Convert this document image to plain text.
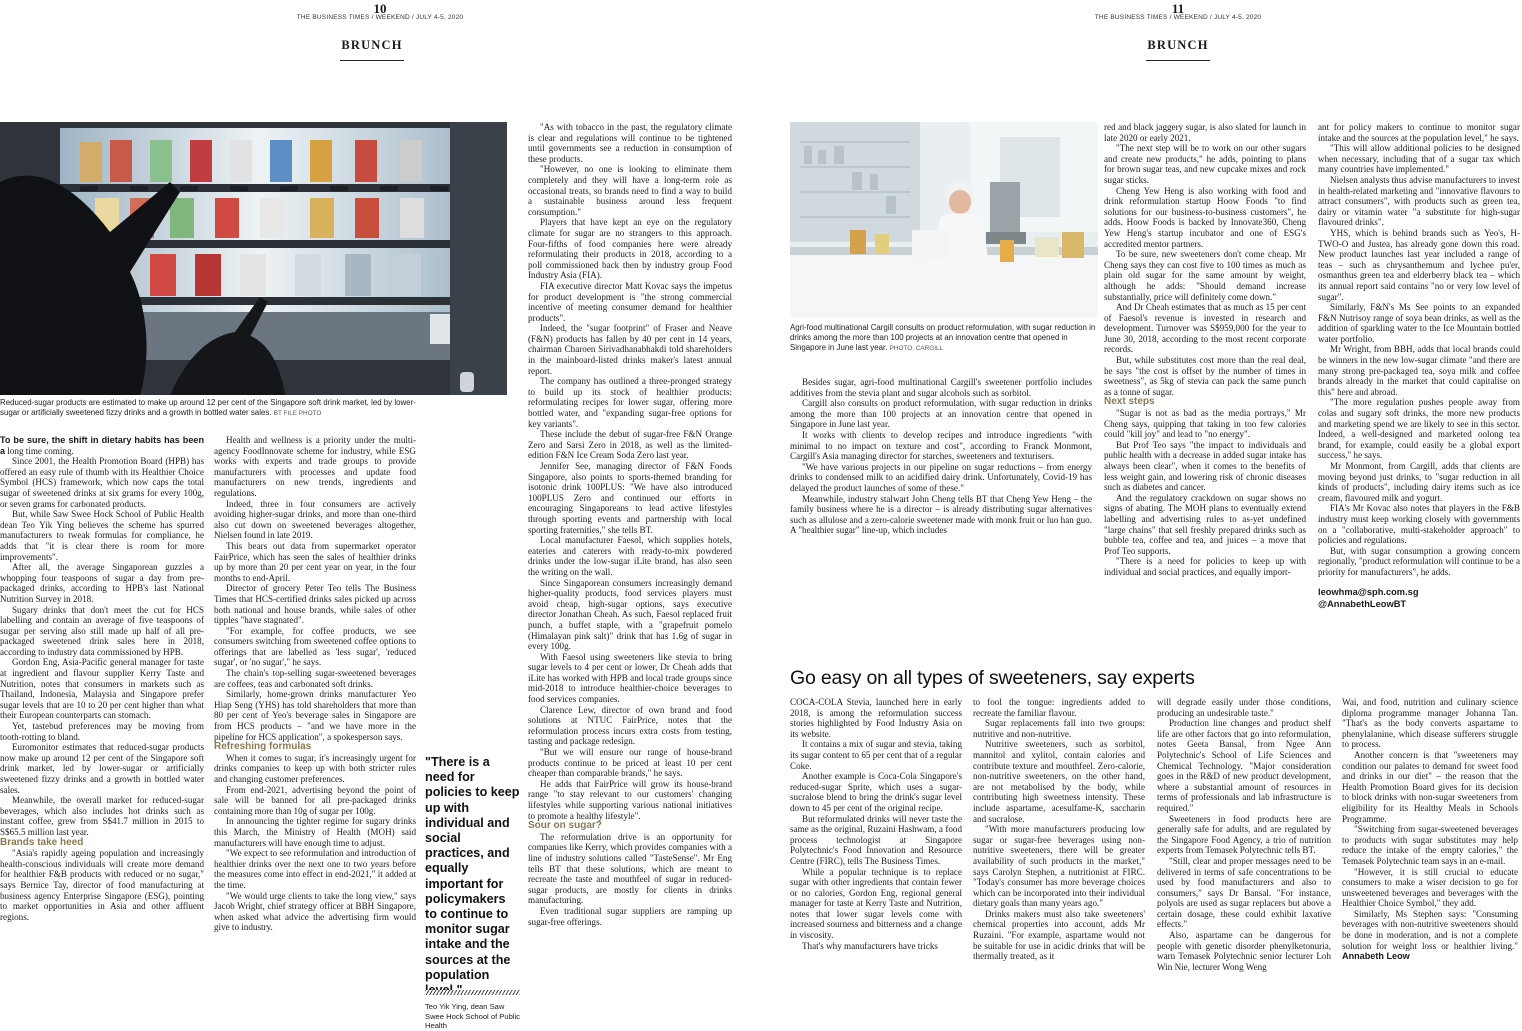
10
THE BUSINESS TIMES / WEEKEND / JULY 4-5, 2020
BRUNCH
Reduced-sugar products are estimated to make up around 12 per cent of the Singapore soft drink market, led by lower-sugar or artificially sweetened fizzy drinks and a growth in bottled water sales. BT FILE PHOTO

To be sure, the shift in dietary habits has been a long time coming.

Since 2001, the Health Promotion Board (HPB) has offered an easy rule of thumb with its Healthier Choice Symbol (HCS) framework, which now caps the total sugar of sweetened drinks at six grams for every 100g, or seven grams for carbonated products.

But, while Saw Swee Hock School of Public Health dean Teo Yik Ying believes the scheme has spurred manufacturers to tweak formulas for compliance, he adds that "it is clear there is room for more improvements".

After all, the average Singaporean guzzles a whopping four teaspoons of sugar a day from pre-packaged drinks, according to HPB's last National Nutrition Survey in 2018.

Sugary drinks that don't meet the cut for HCS labelling and contain an average of five teaspoons of sugar per serving also still made up half of all pre-packaged sweetened drink sales here in 2018, according to industry data commissioned by HPB.

Gordon Eng, Asia-Pacific general manager for taste at ingredient and flavour supplier Kerry Taste and Nutrition, notes that consumers in markets such as Thailand, Indonesia, Malaysia and Singapore prefer sugar levels that are 10 to 20 per cent higher than what their European counterparts can stomach.

Yet, tastebud preferences may be moving from tooth-rotting to bland.

Euromonitor estimates that reduced-sugar products now make up around 12 per cent of the Singapore soft drink market, led by lower-sugar or artificially sweetened fizzy drinks and a growth in bottled water sales.

Meanwhile, the overall market for reduced-sugar beverages, which also includes hot drinks such as instant coffee, grew from S$41.7 million in 2015 to S$65.5 million last year.

Brands take heed

"Asia's rapidly ageing population and increasingly health-conscious individuals will create more demand for healthier F&B products with reduced or no sugar," says Bernice Tay, director of food manufacturing at business agency Enterprise Singapore (ESG), pointing to market opportunities in Asia and other affluent regions.

Health and wellness is a priority under the multi-agency FoodInnovate scheme for industry, while ESG works with experts and trade groups to provide manufacturers with processes and update food manufacturers on new trends, ingredients and regulations.

Indeed, three in four consumers are actively avoiding higher-sugar drinks, and more than one-third also cut down on sweetened beverages altogether, Nielsen found in late 2019.

This bears out data from supermarket operator FairPrice, which has seen the sales of healthier drinks up by more than 20 per cent year on year, in the four months to end-April.

Director of grocery Peter Teo tells The Business Times that HCS-certified drinks sales picked up across both national and house brands, while sales of other tipples "have stagnated".

"For example, for coffee products, we see consumers switching from sweetened coffee options to offerings that are labelled as 'less sugar', 'reduced sugar', or 'no sugar'," he says.

The chain's top-selling sugar-sweetened beverages are coffees, teas and carbonated soft drinks.

Similarly, home-grown drinks manufacturer Yeo Hiap Seng (YHS) has told shareholders that more than 80 per cent of Yeo's beverage sales in Singapore are from HCS products – "and we have more in the pipeline for HCS application", a spokesperson says.

Refreshing formulas

When it comes to sugar, it's increasingly urgent for drinks companies to keep up with both stricter rules and changing customer preferences.

From end-2021, advertising beyond the point of sale will be banned for all pre-packaged drinks containing more than 10g of sugar per 100g.

In announcing the tighter regime for sugary drinks this March, the Ministry of Health (MOH) said manufacturers will have enough time to adjust.

"We expect to see reformulation and introduction of healthier drinks over the next one to two years before the measures come into effect in end-2021," it added at the time.

"We would urge clients to take the long view," says Jacob Wright, chief strategy officer at BBH Singapore, when asked what advice the advertising firm would give to industry.

"There is a need for policies to keep up with individual and social practices, and equally important for policymakers to continue to monitor sugar intake and the sources at the population
Teo Yik Ying, dean Saw Swee Hock School of Public Health

"As with tobacco in the past, the regulatory climate is clear and regulations will continue to be tightened until governments see a reduction in consumption of these products.

"However, no one is looking to eliminate them completely and they will have a long-term role as occasional treats, so brands need to find a way to build a sustainable business around less frequent consumption."

Players that have kept an eye on the regulatory climate for sugar are no strangers to this approach. Four-fifths of food companies here were already reformulating their products in 2018, according to a poll commissioned back then by industry group Food Industry Asia (FIA).

FIA executive director Matt Kovac says the impetus for product development is "the strong commercial incentive of meeting consumer demand for healthier products".

Indeed, the "sugar footprint" of Fraser and Neave (F&N) products has fallen by 40 per cent in 14 years, chairman Charoen Sirivadhanabhakdi told shareholders in the mainboard-listed drinks maker's latest annual report.

The company has outlined a three-pronged strategy to build up its stock of healthier products: reformulating recipes for lower sugar, offering more bottled water, and "expanding sugar-free options for key variants".

These include the debut of sugar-free F&N Orange Zero and Sarsi Zero in 2018, as well as the limited-edition F&N Ice Cream Soda Zero last year.

Jennifer See, managing director of F&N Foods Singapore, also points to sports-themed branding for isotonic drink 100PLUS: "We have also introduced 100PLUS Zero and continued our efforts in encouraging Singaporeans to lead active lifestyles through sporting events and partnership with local sporting fraternities," she tells BT.

Local manufacturer Faesol, which supplies hotels, eateries and caterers with ready-to-mix powdered drinks under the low-sugar iLite brand, has also seen the writing on the wall.

Since Singaporean consumers increasingly demand higher-quality products, food services players must avoid cheap, high-sugar options, says executive director Jonathan Cheah. As such, Faesol replaced fruit punch, a buffet staple, with a "grapefruit pomelo (Himalayan pink salt)" drink that has 1.6g of sugar in every 100g.

With Faesol using sweeteners like stevia to bring sugar levels to 4 per cent or lower, Dr Cheah adds that iLite has worked with HPB and local trade groups since mid-2018 to introduce healthier-choice beverages to food services companies.

Clarence Lew, director of own brand and food solutions at NTUC FairPrice, notes that the reformulation process incurs extra costs from testing, tasting and package redesign.

"But we will ensure our range of house-brand products continue to be priced at least 10 per cent cheaper than comparable brands," he says.

He adds that FairPrice will grow its house-brand range "to stay relevant to our customers' changing lifestyles while supporting various national initiatives to promote a healthy lifestyle".

Sour on sugar?

The reformulation drive is an opportunity for companies like Kerry, which provides companies with a line of industry solutions called "TasteSense". Mr Eng tells BT that these solutions, which are meant to recreate the taste and mouthfeel of sugar in reduced-sugar products, are mostly for clients in drinks manufacturing.

Even traditional sugar suppliers are ramping up sugar-free offerings.

11
THE BUSINESS TIMES / WEEKEND / JULY 4-5, 2020
BRUNCH
Agri-food multinational Cargill consults on product reformulation, with sugar reduction in drinks among the more than 100 projects at an innovation centre that opened in Singapore in June last year. PHOTO: CARGILL

Besides sugar, agri-food multinational Cargill's sweetener portfolio includes additives from the stevia plant and sugar alcohols such as sorbitol.

Cargill also consults on product reformulation, with sugar reduction in drinks among the more than 100 projects at an innovation centre that opened in Singapore in June last year.

It works with clients to develop recipes and introduce ingredients "with minimal to no impact on texture and cost", according to Franck Monmont, Cargill's Asia managing director for starches, sweeteners and texturisers.

"We have various projects in our pipeline on sugar reductions – from energy drinks to condensed milk to an acidified dairy drink. Unfortunately, Covid-19 has delayed the product launches of some of these."

Meanwhile, industry stalwart John Cheng tells BT that Cheng Yew Heng – the family business where he is a director – is already distributing sugar alternatives such as allulose and a zero-calorie sweetener made with monk fruit or luo han guo. A "healthier sugar" line-up, which includes

red and black jaggery sugar, is also slated for launch in late 2020 or early 2021.

"The next step will be to work on our other sugars and create new products," he adds, pointing to plans for brown sugar teas, and new cupcake mixes and rock sugar sticks.

Cheng Yew Heng is also working with food and drink reformulation startup Hoow Foods "to find solutions for our business-to-business customers", he adds. Hoow Foods is backed by Innovate360, Cheng Yew Heng's startup incubator and one of ESG's accredited mentor partners.

To be sure, new sweeteners don't come cheap. Mr Cheng says they can cost five to 100 times as much as plain old sugar for the same amount by weight, although he adds: "Should demand increase substantially, price will definitely come down."

And Dr Cheah estimates that as much as 15 per cent of Faesol's revenue is invested in research and development. Turnover was S$959,000 for the year to June 30, 2018, according to the most recent corporate records.

But, while substitutes cost more than the real deal, he says "the cost is offset by the number of times in sweetness", as 5kg of stevia can pack the same punch as a tonne of sugar.

Next steps

"Sugar is not as bad as the media portrays," Mr Cheng says, quipping that taking in too few calories could "kill joy" and lead to "no energy".

But Prof Teo says "the impact to individuals and public health with a decrease in added sugar intake has always been clear", when it comes to the benefits of less weight gain, and lowering risk of chronic diseases such as diabetes and cancer.

And the regulatory crackdown on sugar shows no signs of abating. The MOH plans to eventually extend labelling and advertising rules to as-yet undefined "large chains" that sell freshly prepared drinks such as bubble tea, coffee and tea, and juices – a move that Prof Teo supports.

"There is a need for policies to keep up with individual and social practices, and equally import-

ant for policy makers to continue to monitor sugar intake and the sources at the population level," he says.

"This will allow additional policies to be designed when necessary, including that of a sugar tax which many countries have implemented."

Nielsen analysts thus advise manufacturers to invest in health-related marketing and "innovative flavours to attract consumers", with products such as green tea, dairy or vitamin water "a substitute for high-sugar flavoured drinks".

YHS, which is behind brands such as Yeo's, H-TWO-O and Justea, has already gone down this road. New product launches last year included a range of teas – such as chrysanthemum and lychee pu'er, osmanthus green tea and elderberry black tea – which its annual report said contains "no or very low level of sugar".

Similarly, F&N's Ms See points to an expanded F&N Nutrisoy range of soya bean drinks, as well as the addition of sparkling water to the Ice Mountain bottled water portfolio.

Mr Wright, from BBH, adds that local brands could be winners in the new low-sugar climate "and there are many strong pre-packaged tea, soya milk and coffee brands already in the market that could capitalise on this" here and abroad.

"The more regulation pushes people away from colas and sugary soft drinks, the more new products and marketing spend we are likely to see in this sector. Indeed, a well-designed and marketed oolong tea brand, for example, could easily be a global export success," he says.

Mr Monmont, from Cargill, adds that clients are moving beyond just drinks, to "sugar reduction in all kinds of products", including dairy items such as ice cream, flavoured milk and yogurt.

FIA's Mr Kovac also notes that players in the F&B industry must keep working closely with governments on a "collaborative, multi-stakeholder approach" to policies and regulations.

But, with sugar consumption a growing concern regionally, "product reformulation will continue to be a priority for manufacturers", he adds.

leowhma@sph.com.sg
@AnnabethLeowBT
Go easy on all types of sweeteners, say experts

COCA-COLA Stevia, launched here in early 2018, is among the reformulation success stories highlighted by Food Industry Asia on its website.

It contains a mix of sugar and stevia, taking its sugar content to 65 per cent that of a regular Coke.

Another example is Coca-Cola Singapore's reduced-sugar Sprite, which uses a sugar-sucralose blend to bring the drink's sugar level down to 45 per cent of the original recipe.

But reformulated drinks will never taste the same as the original, Ruzaini Hashwam, a food process technologist at Singapore Polytechnic's Food Innovation and Resource Centre (FIRC), tells The Business Times.

While a popular technique is to replace sugar with other ingredients that contain fewer or no calories, Gordon Eng, regional general manager for taste at Kerry Taste and Nutrition, notes that lower sugar levels come with increased sourness and bitterness and a change in viscosity.

That's why manufacturers have tricks

to fool the tongue: ingredients added to recreate the familiar flavour.

Sugar replacements fall into two groups: nutritive and non-nutritive.

Nutritive sweeteners, such as sorbitol, mannitol and xylitol, contain calories and contribute texture and mouthfeel. Zero-calorie, non-nutritive sweeteners, on the other hand, are not metabolised by the body, while contributing high sweetness intensity. These include aspartame, acesulfame-K, saccharin and sucralose.

"With more manufacturers producing low sugar or sugar-free beverages using non-nutritive sweeteners, there will be greater availability of such products in the market," says Carolyn Stephen, a nutritionist at FIRC. "Today's consumer has more beverage choices which can be incorporated into their individual dietary goals than many years ago."

Drinks makers must also take sweeteners' chemical properties into account, adds Mr Ruzaini. "For example, aspartame would not be suitable for use in acidic drinks that will be thermally treated, as it

will degrade easily under those conditions, producing an undesirable taste."

Production line changes and product shelf life are other factors that go into reformulation, notes Geeta Bansal, from Ngee Ann Polytechnic's School of Life Sciences and Chemical Technology. "Major consideration goes in the R&D of new product development, where a substantial amount of resources in terms of professionals and lab infrastructure is required."

Sweeteners in food products here are generally safe for adults, and are regulated by the Singapore Food Agency, a trio of nutrition experts from Temasek Polytechnic tells BT.

"Still, clear and proper messages need to be delivered in terms of safe concentrations to be used by food manufacturers and also to consumers," says Dr Bansal. "For instance, polyols are used as sugar replacers but above a certain dosage, these could exhibit laxative effects."

Also, aspartame can be dangerous for people with genetic disorder phenylketonuria, warn Temasek Polytechnic senior lecturer Loh Win Nie, lecturer Wong Weng

Wai, and food, nutrition and culinary science diploma programme manager Johanna Tan. "That's as the body converts aspartame to phenylalanine, which disease sufferers struggle to process.

Another concern is that "sweeteners may condition our palates to demand for sweet food and drinks in our diet" – the reason that the Health Promotion Board gives for its decision to block drinks with non-sugar sweeteners from eligibility for its Healthy Meals in Schools Programme.

"Switching from sugar-sweetened beverages to products with sugar substitutes may help reduce the intake of the empty calories," the Temasek Polytechnic team says in an e-mail.

"However, it is still crucial to educate consumers to make a wiser decision to go for unsweetened beverages and beverages with the Healthier Choice Symbol," they add.

Similarly, Ms Stephen says: "Consuming beverages with non-nutritive sweeteners should be done in moderation, and is not a complete solution for weight loss or healthier living." Annabeth Leow
